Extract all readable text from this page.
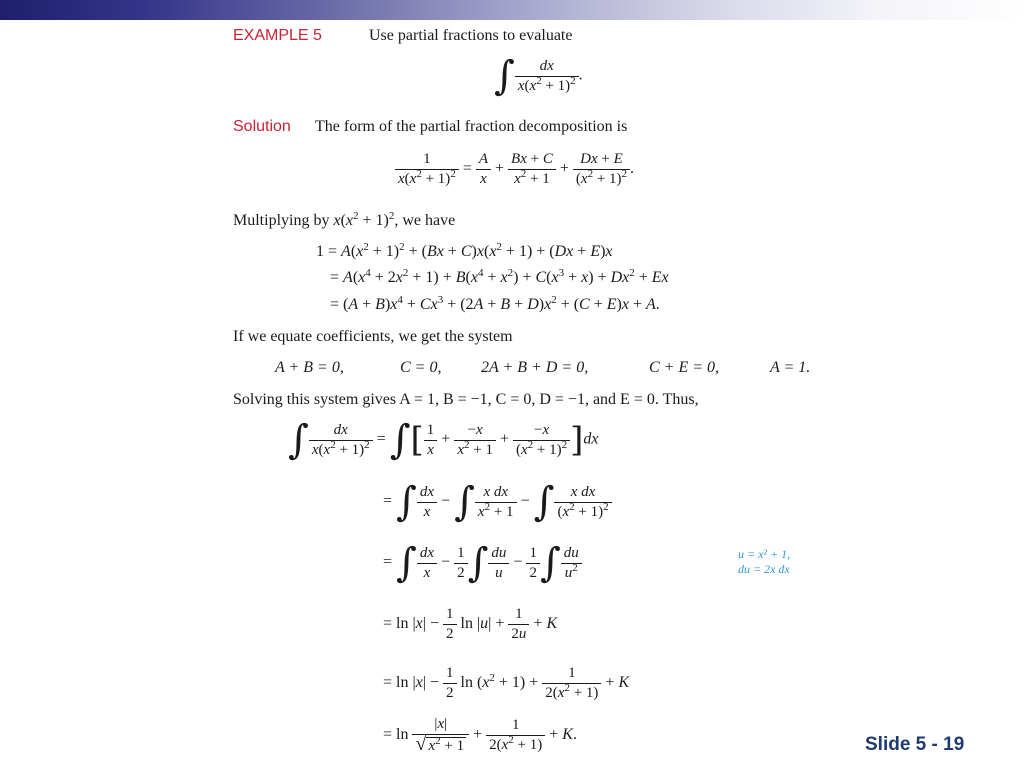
EXAMPLE 5	Use partial fractions to evaluate
∫ $\frac{dx}{x(x^2 + 1)^2}$ .
Solution The form of the partial fraction decomposition is
$\frac{1}{x(x^2 + 1)^2} = \frac{A}{x} + \frac{Bx + C}{x^2 + 1} + \frac{Dx + E}{(x^2 + 1)^2}$ .
Multiplying by $x(x^2 + 1)^2$, we have
$1 = A(x^2 + 1)^2 + (Bx + C)x(x^2 + 1) + (Dx + E)x$
= $A(x^4 + 2x^2 + 1) + B(x^4 + x^2) + C(x^3 + x) + Dx^2 + Ex$
= $(A + B)x^4 + Cx^3 + (2A + B + D)x^2 + (C + E)x + A$.
If we equate coefficients, we get the system
A + B = 0,	C = 0, 2A + B + D = 0,	C + E = 0,	A = 1.
Solving this system gives A = 1, B = −1, C = 0, D = −1, and E = 0. Thus,
∫ $\frac{dx}{x(x^2 + 1)^2}$ = ∫[ $\frac{1}{x} + \frac{-x}{x^2 + 1} + \frac{-x}{(x^2 + 1)^2} ]dx$
= ∫ $\frac{dx}{x}$ − ∫ $\frac{\text{x dx}}{x^2 + 1}$ − ∫ $\frac{\text{x dx}}{(x^2 + 1)^2}$
= ∫ $\frac{dx}{x} - \frac{1}{2}$ ∫ $\frac{du}{u} - \frac{1}{2}$ ∫ $\frac{du}{u^2}$	u = x² + 1,
du = 2x dx
= $\ln |x| - \frac{1}{2}$ $\ln |u| + \frac{1}{2u} + K$
= $\ln |x| - \frac{1}{2}$ $\ln (x^2 + 1) + \frac{1}{2(x^2 + 1)} + K$
= $\ln \frac{|x|}{√ x^2 + 1} + \frac{1}{2(x^2 + 1)} + K$.	Slide 5 - 19
